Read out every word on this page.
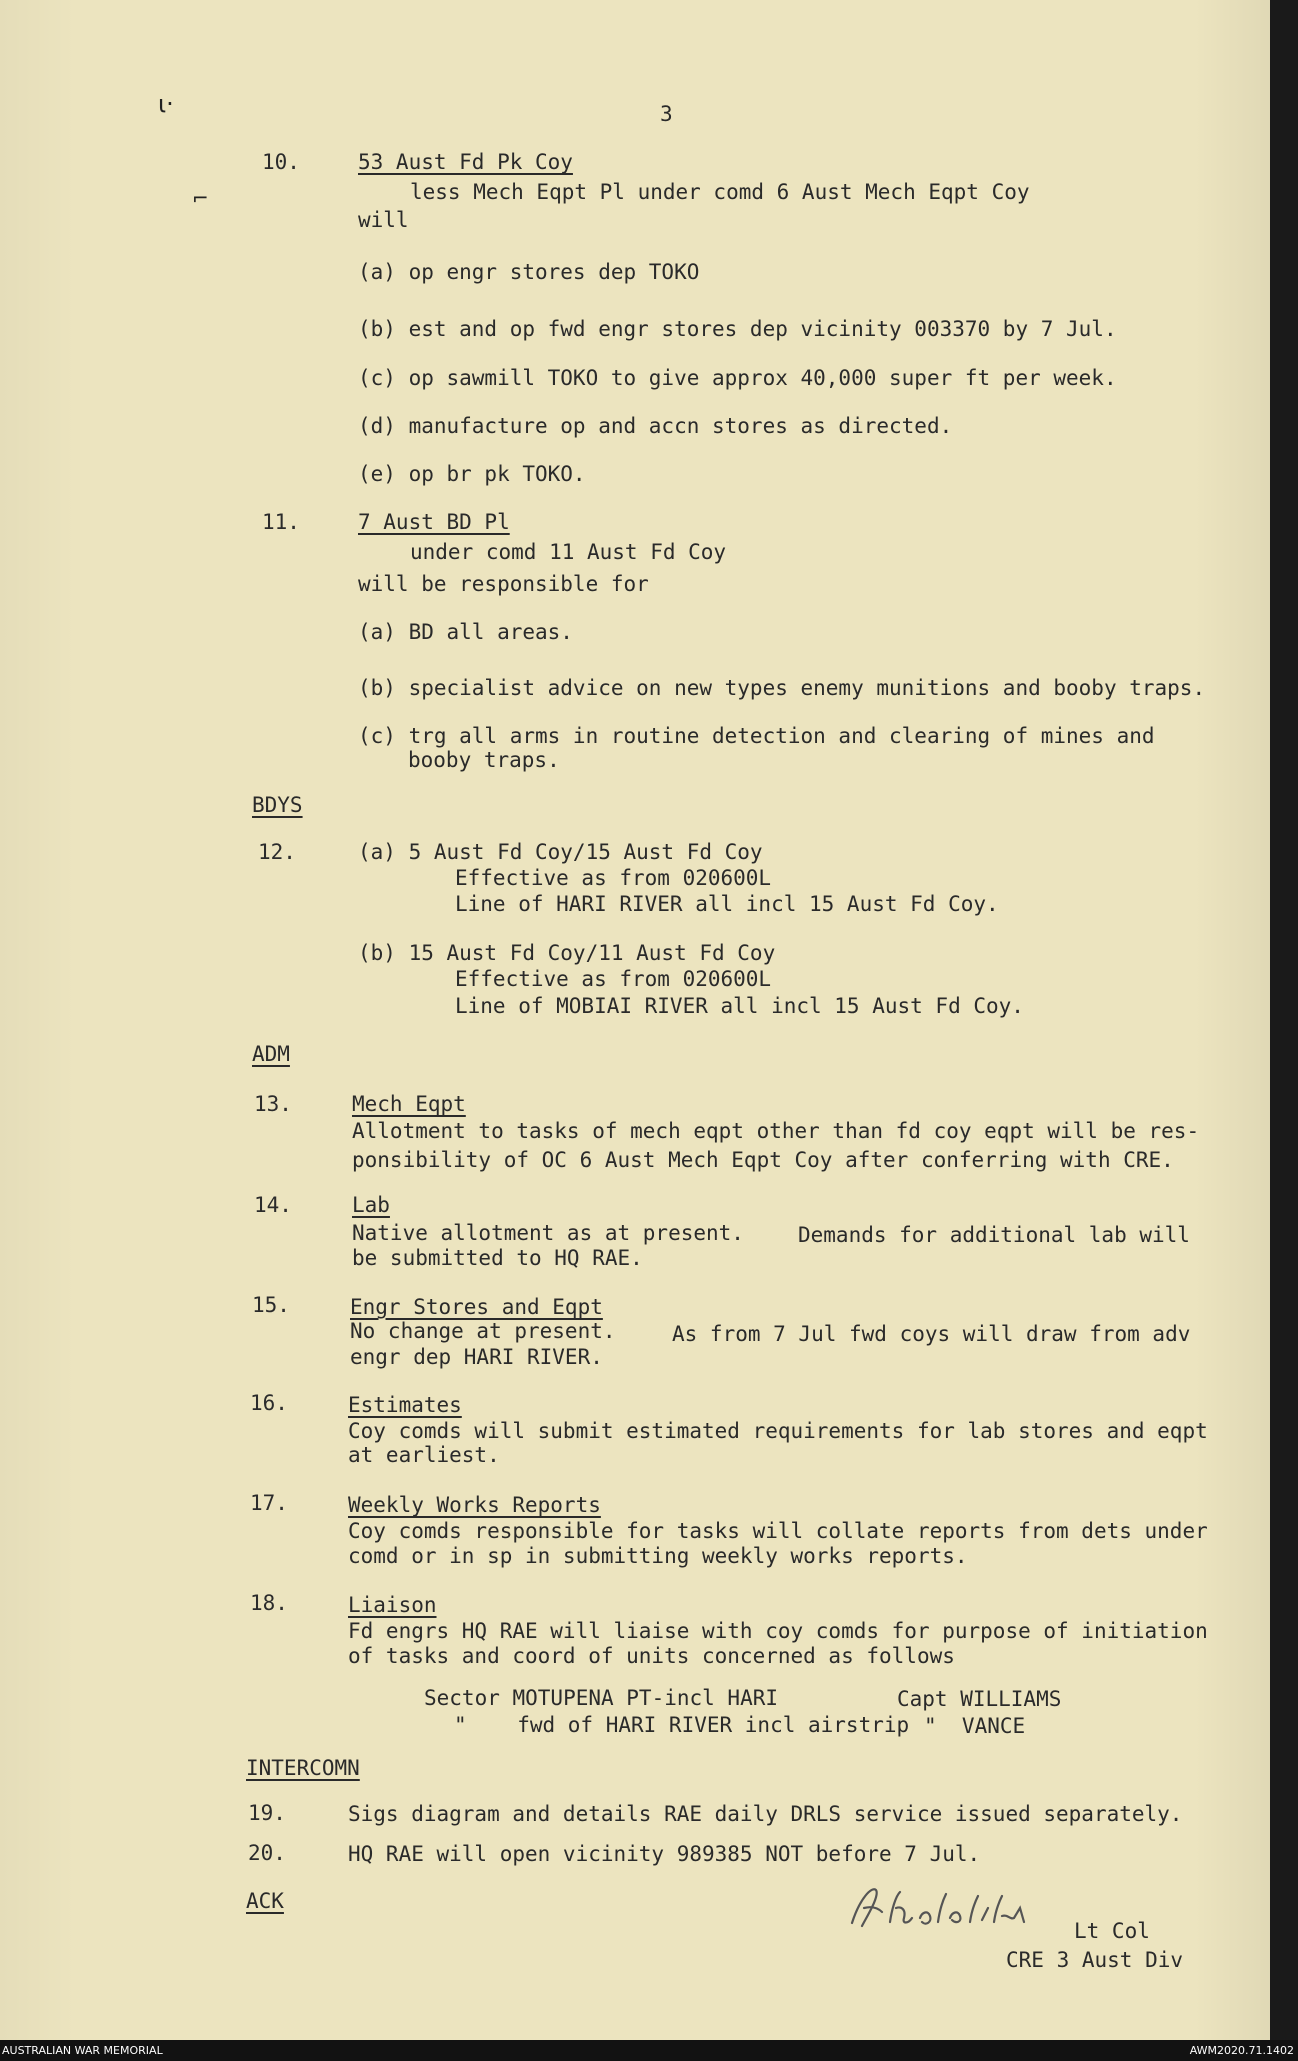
ι·
⌐
3
10.	53 Aust Fd Pk Coy
less Mech Eqpt Pl under comd 6 Aust Mech Eqpt Coy
will
(a) op engr stores dep TOKO
(b) est and op fwd engr stores dep vicinity 003370 by 7 Jul.
(c) op sawmill TOKO to give approx 40,000 super ft per week.
(d) manufacture op and accn stores as directed.
(e) op br pk TOKO.
11.	7 Aust BD Pl
under comd 11 Aust Fd Coy
will be responsible for
(a) BD all areas.
(b) specialist advice on new types enemy munitions and booby traps.
(c) trg all arms in routine detection and clearing of mines and
booby traps.
BDYS
12.	(a) 5 Aust Fd Coy/15 Aust Fd Coy
Effective as from 020600L
Line of HARI RIVER all incl 15 Aust Fd Coy.
(b) 15 Aust Fd Coy/11 Aust Fd Coy
Effective as from 020600L
Line of MOBIAI RIVER all incl 15 Aust Fd Coy.
ADM
13.	Mech Eqpt
Allotment to tasks of mech eqpt other than fd coy eqpt will be res-
ponsibility of OC 6 Aust Mech Eqpt Coy after conferring with CRE.
14.	Lab
Native allotment as at present.	Demands for additional lab will
be submitted to HQ RAE.
15.	Engr Stores and Eqpt
No change at present.	As from 7 Jul fwd coys will draw from adv
engr dep HARI RIVER.
16.	Estimates
Coy comds will submit estimated requirements for lab stores and eqpt
at earliest.
17.	Weekly Works Reports
Coy comds responsible for tasks will collate reports from dets under
comd or in sp in submitting weekly works reports.
18.	Liaison
Fd engrs HQ RAE will liaise with coy comds for purpose of initiation
of tasks and coord of units concerned as follows
Sector MOTUPENA PT-incl HARI	Capt WILLIAMS
"    fwd of HARI RIVER incl airstrip "  VANCE
INTERCOMN
19.	Sigs diagram and details RAE daily DRLS service issued separately.
20.	HQ RAE will open vicinity 989385 NOT before 7 Jul.
ACK
Lt Col
CRE 3 Aust Div
AUSTRALIAN WAR MEMORIAL	AWM2020.71.1402
